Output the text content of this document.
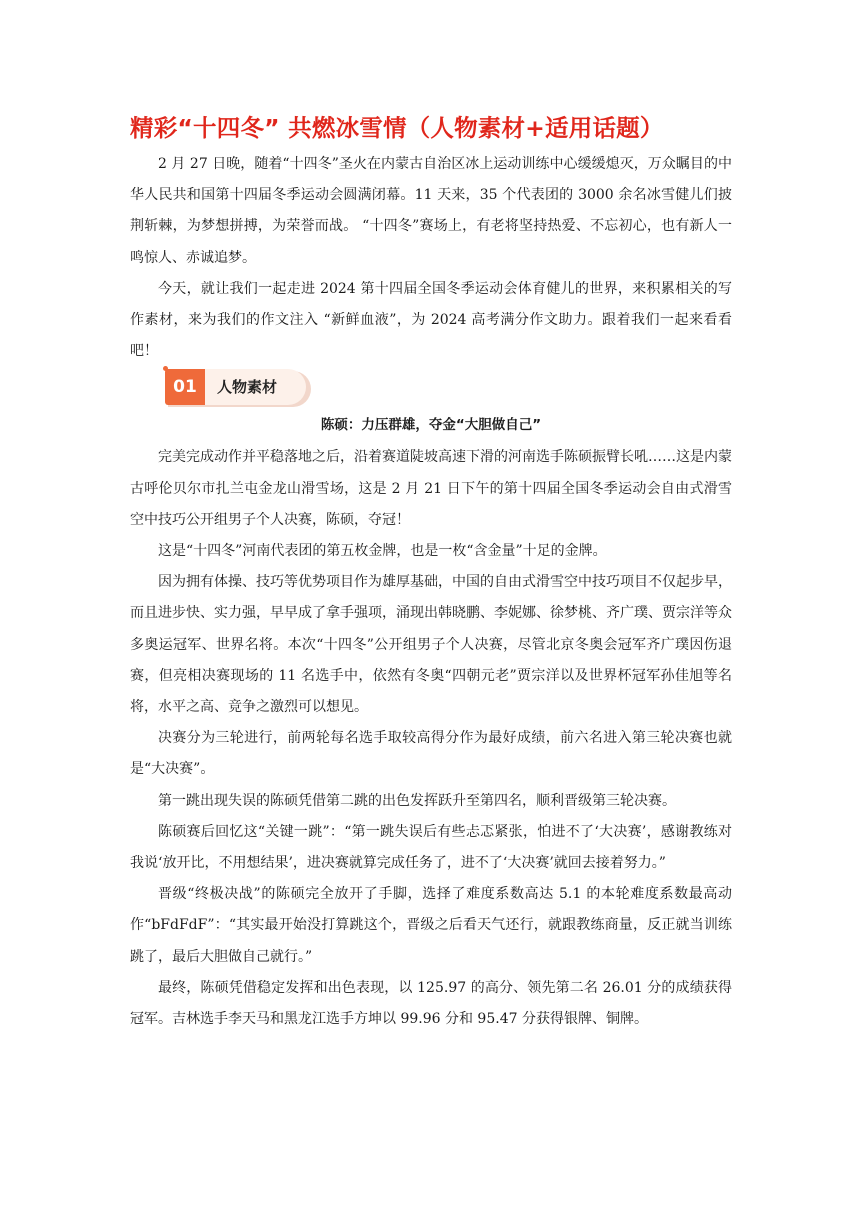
精彩“十四冬” 共燃冰雪情（人物素材+适用话题）

2 月 27 日晚，随着“十四冬”圣火在内蒙古自治区冰上运动训练中心缓缓熄灭，万众瞩目的中华人民共和国第十四届冬季运动会圆满闭幕。11 天来，35 个代表团的 3000 余名冰雪健儿们披荆斩棘，为梦想拼搏，为荣誉而战。 “十四冬”赛场上，有老将坚持热爱、不忘初心，也有新人一鸣惊人、赤诚追梦。

今天，就让我们一起走进 2024 第十四届全国冬季运动会体育健儿的世界，来积累相关的写作素材，来为我们的作文注入 “新鲜血液”，为 2024 高考满分作文助力。跟着我们一起来看看吧！

01	人物素材
陈硕：力压群雄，夺金“大胆做自己”

完美完成动作并平稳落地之后，沿着赛道陡坡高速下滑的河南选手陈硕振臂长吼……这是内蒙古呼伦贝尔市扎兰屯金龙山滑雪场，这是 2 月 21 日下午的第十四届全国冬季运动会自由式滑雪空中技巧公开组男子个人决赛，陈硕，夺冠！

这是“十四冬”河南代表团的第五枚金牌，也是一枚“含金量”十足的金牌。

因为拥有体操、技巧等优势项目作为雄厚基础，中国的自由式滑雪空中技巧项目不仅起步早，而且进步快、实力强，早早成了拿手强项，涌现出韩晓鹏、李妮娜、徐梦桃、齐广璞、贾宗洋等众多奥运冠军、世界名将。本次“十四冬”公开组男子个人决赛，尽管北京冬奥会冠军齐广璞因伤退赛，但亮相决赛现场的 11 名选手中，依然有冬奥“四朝元老”贾宗洋以及世界杯冠军孙佳旭等名将，水平之高、竞争之激烈可以想见。

决赛分为三轮进行，前两轮每名选手取较高得分作为最好成绩，前六名进入第三轮决赛也就是“大决赛”。

第一跳出现失误的陈硕凭借第二跳的出色发挥跃升至第四名，顺利晋级第三轮决赛。

陈硕赛后回忆这“关键一跳”：“第一跳失误后有些忐忑紧张，怕进不了‘大决赛’，感谢教练对我说‘放开比，不用想结果’，进决赛就算完成任务了，进不了‘大决赛’就回去接着努力。”

晋级“终极决战”的陈硕完全放开了手脚，选择了难度系数高达 5.1 的本轮难度系数最高动作“bFdFdF”：“其实最开始没打算跳这个，晋级之后看天气还行，就跟教练商量，反正就当训练跳了，最后大胆做自己就行。”

最终，陈硕凭借稳定发挥和出色表现，以 125.97 的高分、领先第二名 26.01 分的成绩获得冠军。吉林选手李天马和黑龙江选手方坤以 99.96 分和 95.47 分获得银牌、铜牌。
